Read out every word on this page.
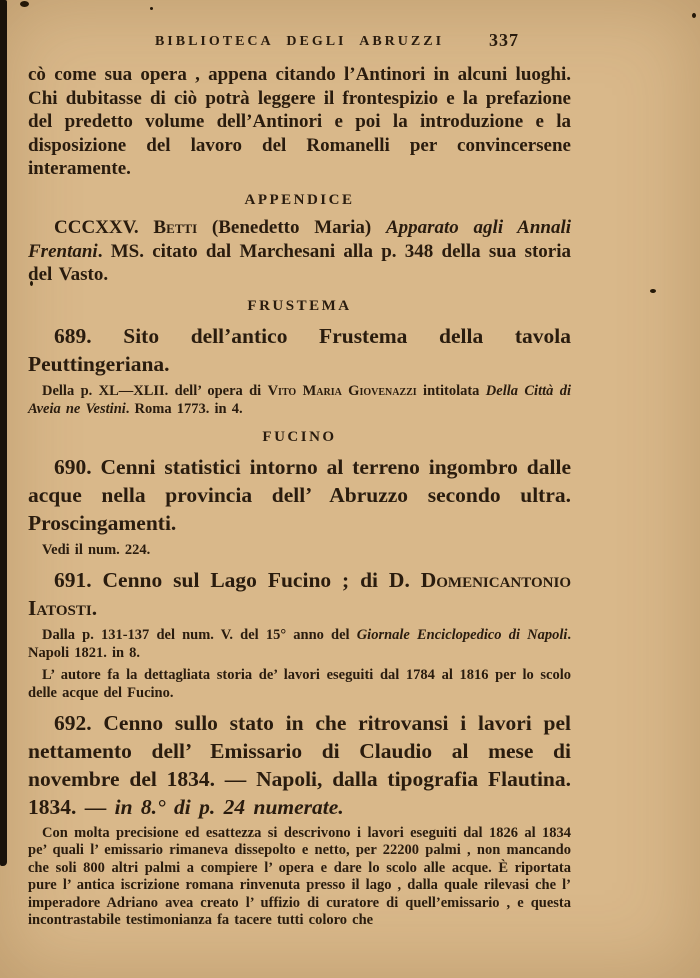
BIBLIOTECA DEGLI ABRUZZI	337

cò come sua opera , appena citando l’Antinori in alcuni luoghi. Chi dubitasse di ciò potrà leggere il frontespizio e la prefazione del predetto volume dell’Antinori e poi la introduzione e la disposizione del lavoro del Romanelli per convincersene interamente.

APPENDICE

CCCXXV. Betti (Benedetto Maria) Apparato agli Annali Frentani. MS. citato dal Marchesani alla p. 348 della sua storia del Vasto.

FRUSTEMA

689. Sito dell’antico Frustema della tavola Peuttingeriana.

Della p. XL—XLII. dell’ opera di Vito Maria Giovenazzi intitolata Della Città di Aveia ne Vestini. Roma 1773. in 4.

FUCINO

690. Cenni statistici intorno al terreno ingombro dalle acque nella provincia dell’ Abruzzo secondo ultra. Proscingamenti.

Vedi il num. 224.

691. Cenno sul Lago Fucino ; di D. Domenicantonio Iatosti.

Dalla p. 131-137 del num. V. del 15° anno del Giornale Enciclopedico di Napoli. Napoli 1821. in 8.

L’ autore fa la dettagliata storia de’ lavori eseguiti dal 1784 al 1816 per lo scolo delle acque del Fucino.

692. Cenno sullo stato in che ritrovansi i lavori pel nettamento dell’ Emissario di Claudio al mese di novembre del 1834. — Napoli, dalla tipografia Flautina. 1834. — in 8.° di p. 24 numerate.

Con molta precisione ed esattezza si descrivono i lavori eseguiti dal 1826 al 1834 pe’ quali l’ emissario rimaneva dissepolto e netto, per 22200 palmi , non mancando che soli 800 altri palmi a compiere l’ opera e dare lo scolo alle acque. È riportata pure l’ antica iscrizione romana rinvenuta presso il lago , dalla quale rilevasi che l’ imperadore Adriano avea creato l’ uffizio di curatore di quell’emissario , e questa incontrastabile testimonianza fa tacere tutti coloro che
